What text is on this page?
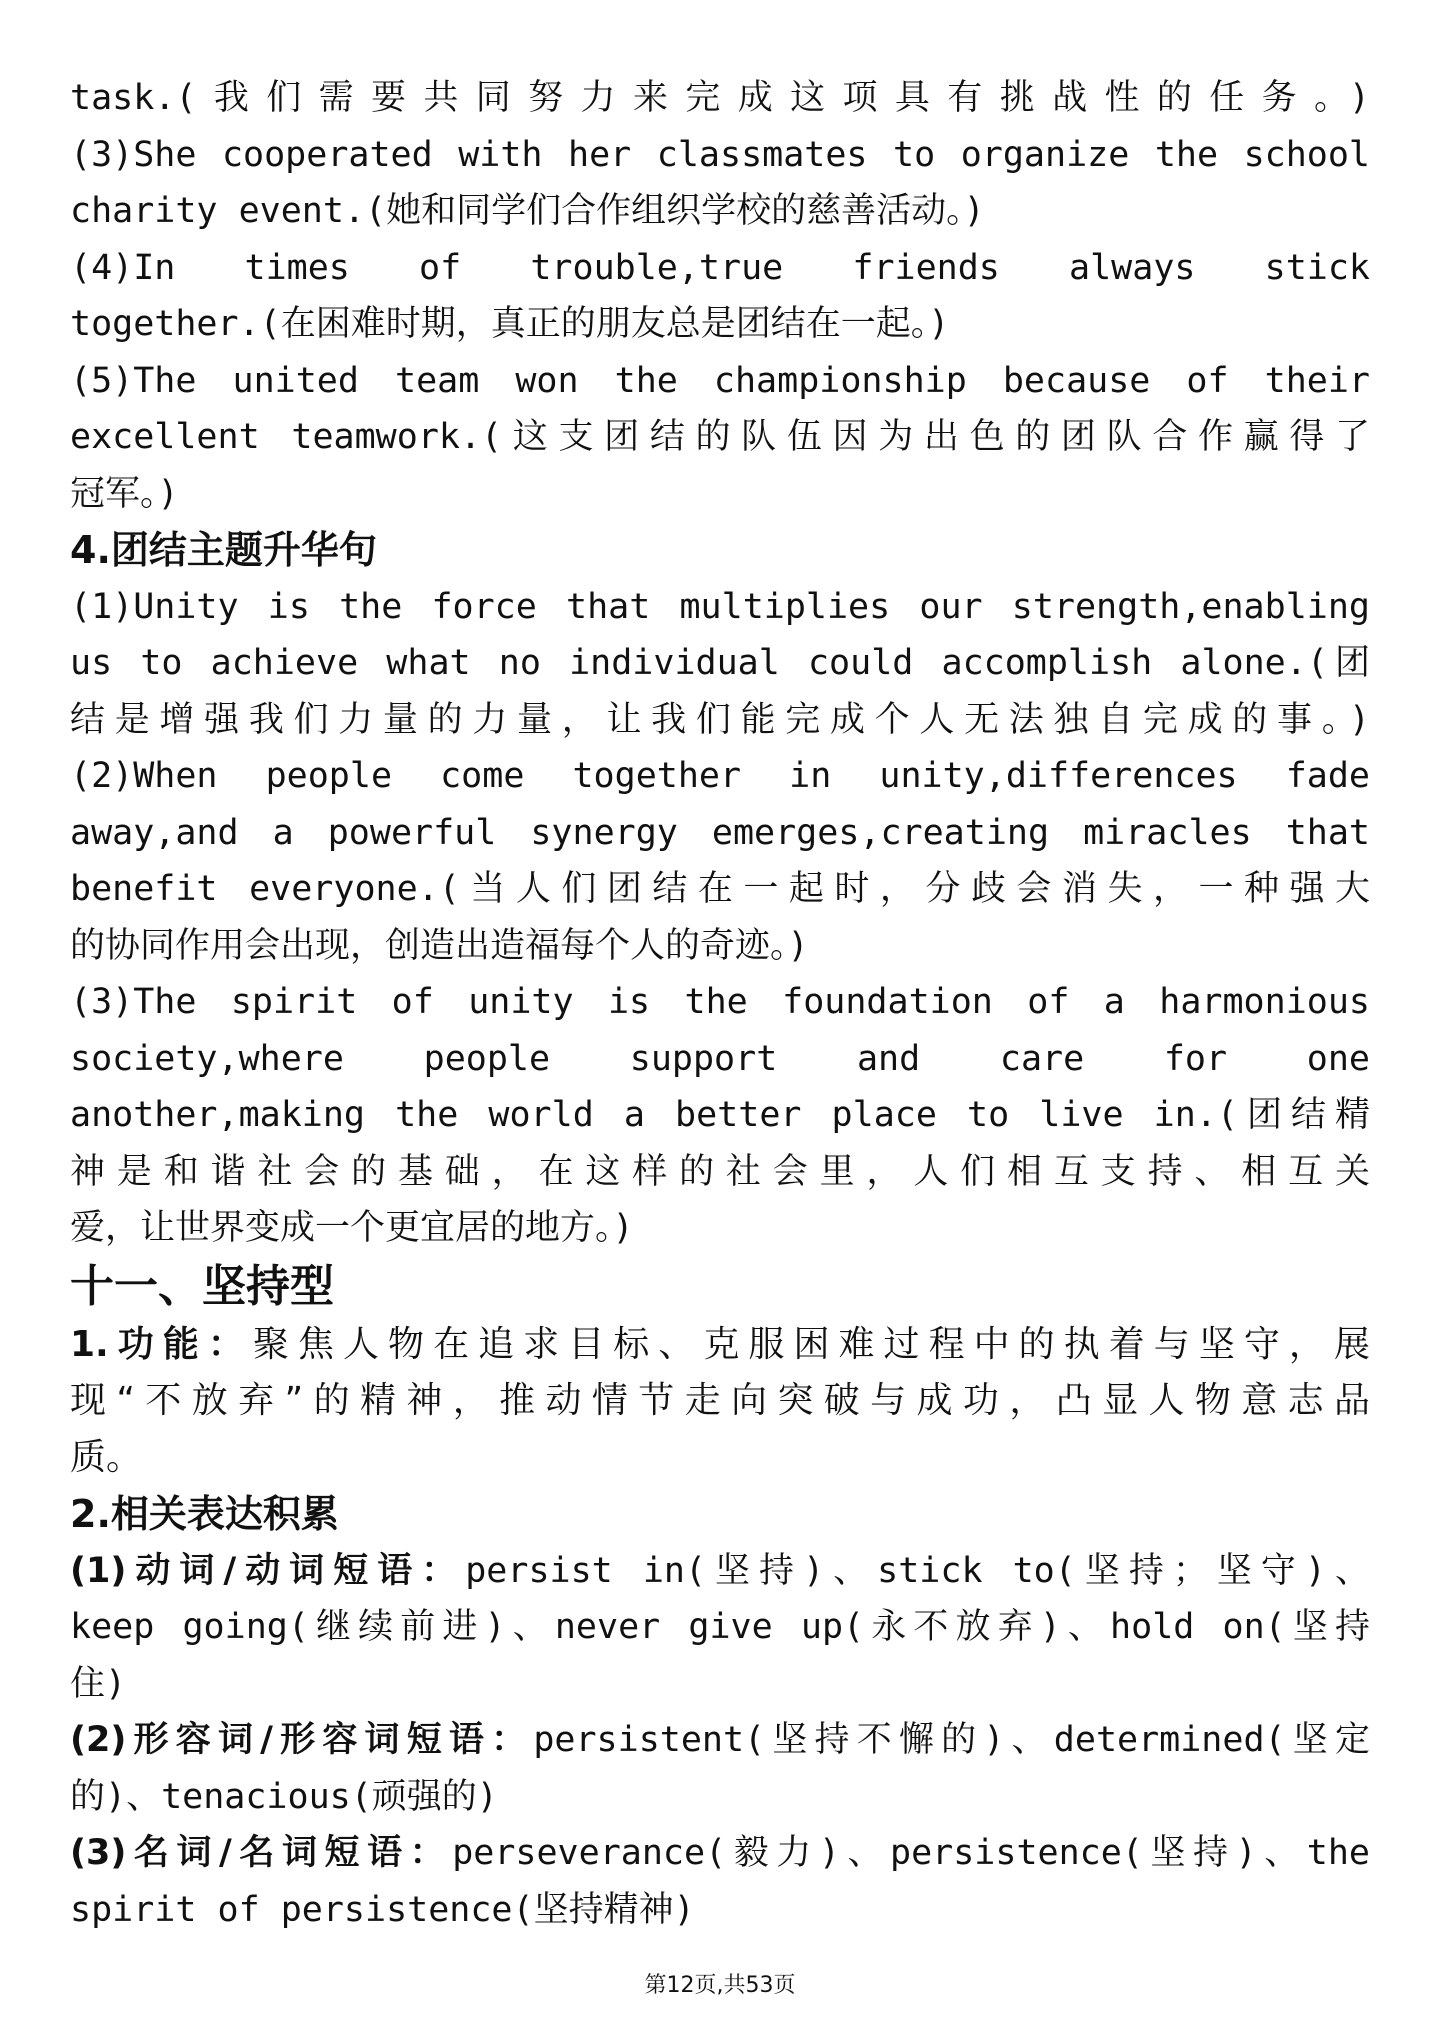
task.(我们需要共同努力来完成这项具有挑战性的任务。)

(3)She cooperated with her classmates to organize the school

charity event.(她和同学们合作组织学校的慈善活动。)

(4)In times of trouble,true friends always stick

together.(在困难时期，真正的朋友总是团结在一起。)

(5)The united team won the championship because of their

excellent teamwork.(这支团结的队伍因为出色的团队合作赢得了

冠军。)

4.团结主题升华句

(1)Unity is the force that multiplies our strength,enabling

us to achieve what no individual could accomplish alone.(团

结是增强我们力量的力量，让我们能完成个人无法独自完成的事。)

(2)When people come together in unity,differences fade

away,and a powerful synergy emerges,creating miracles that

benefit everyone.(当人们团结在一起时，分歧会消失，一种强大

的协同作用会出现，创造出造福每个人的奇迹。)

(3)The spirit of unity is the foundation of a harmonious

society,where people support and care for one

another,making the world a better place to live in.(团结精

神是和谐社会的基础，在这样的社会里，人们相互支持、相互关

爱，让世界变成一个更宜居的地方。)

十一、坚持型

1.功能：聚焦人物在追求目标、克服困难过程中的执着与坚守，展

现“不放弃”的精神，推动情节走向突破与成功，凸显人物意志品

质。

2.相关表达积累

(1)动词/动词短语：persist in(坚持)、stick to(坚持；坚守)、

keep going(继续前进)、never give up(永不放弃)、hold on(坚持

住)

(2)形容词/形容词短语：persistent(坚持不懈的)、determined(坚定

的)、tenacious(顽强的)

(3)名词/名词短语：perseverance(毅力)、persistence(坚持)、the

spirit of persistence(坚持精神)

第12页,共53页
